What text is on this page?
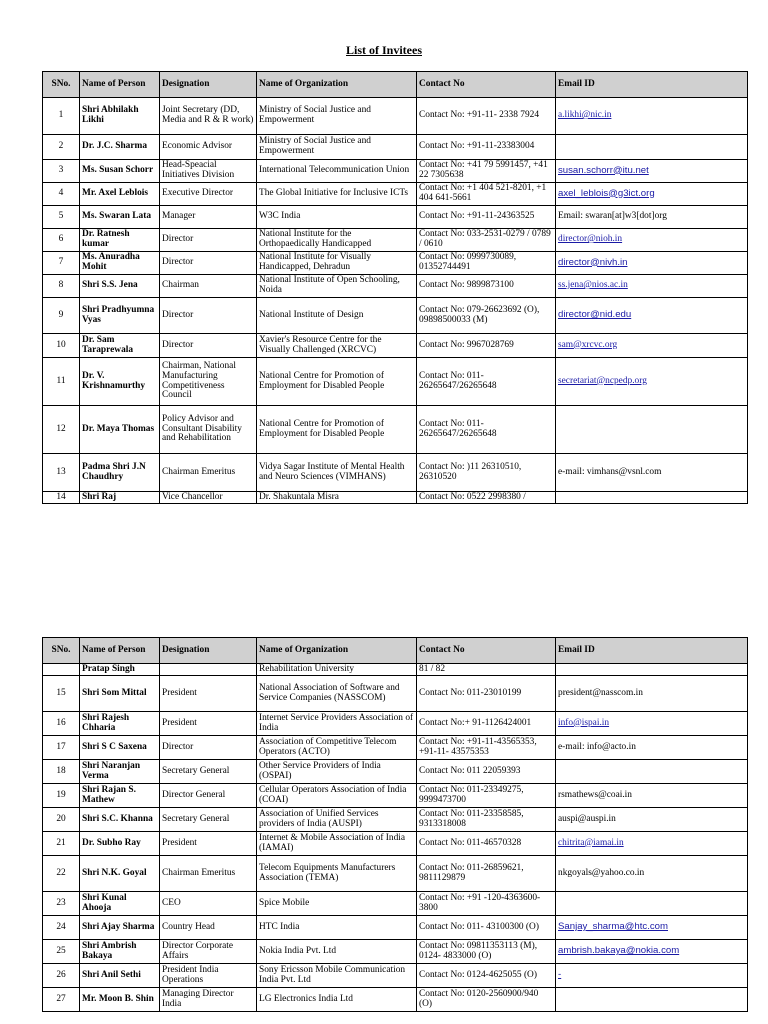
List of Invitees
SNo.	Name of Person	Designation	Name of Organization	Contact No	Email ID
1	Shri Abhilakh Likhi	Joint Secretary (DD, Media and R & R work)	Ministry of Social Justice and Empowerment	Contact No: +91-11- 2338 7924	a.likhi@nic.in
2	Dr. J.C. Sharma	Economic Advisor	Ministry of Social Justice and Empowerment	Contact No: +91-11-23383004	
3	Ms. Susan Schorr	Head-Speacial Initiatives Division	International Telecommunication Union	Contact No: +41 79 5991457, +41 22 7305638	susan.schorr@itu.net
4	Mr. Axel Leblois	Executive Director	The Global Initiative for Inclusive ICTs	Contact No: +1 404 521-8201, +1 404 641-5661	axel_leblois@g3ict.org
5	Ms. Swaran Lata	Manager	W3C India	Contact No: +91-11-24363525	Email: swaran[at]w3[dot]org
6	Dr. Ratnesh kumar	Director	National Institute for the Orthopaedically Handicapped	Contact No: 033-2531-0279 / 0789 / 0610	director@nioh.in
7	Ms. Anuradha Mohit	Director	National Institute for Visually Handicapped, Dehradun	Contact No: 0999730089, 01352744491	director@nivh.in
8	Shri S.S. Jena	Chairman	National Institute of Open Schooling, Noida	Contact No: 9899873100	ss.jena@nios.ac.in
9	Shri Pradhyumna Vyas	Director	National Institute of Design	Contact No: 079-26623692 (O), 09898500033 (M)	director@nid.edu
10	Dr. Sam Taraprewala	Director	Xavier's Resource Centre for the Visually Challenged (XRCVC)	Contact No: 9967028769	sam@xrcvc.org
11	Dr. V. Krishnamurthy	Chairman, National Manufacturing Competitiveness Council	National Centre for Promotion of Employment for Disabled People	Contact No: 011-26265647/26265648	secretariat@ncpedp.org
12	Dr. Maya Thomas	Policy Advisor and Consultant Disability and Rehabilitation	National Centre for Promotion of Employment for Disabled People	Contact No: 011-26265647/26265648	
13	Padma Shri J.N Chaudhry	Chairman Emeritus	Vidya Sagar Institute of Mental Health and Neuro Sciences (VIMHANS)	Contact No: )11 26310510, 26310520	e-mail: vimhans@vsnl.com
14	Shri Raj	Vice Chancellor	Dr. Shakuntala Misra	Contact No: 0522 2998380 /	
SNo.	Name of Person	Designation	Name of Organization	Contact No	Email ID
	Pratap Singh		Rehabilitation University	81 / 82	
15	Shri Som Mittal	President	National Association of Software and Service Companies (NASSCOM)	Contact No: 011-23010199	president@nasscom.in
16	Shri Rajesh Chharia	President	Internet Service Providers Association of India	Contact No:+ 91-1126424001	info@ispai.in
17	Shri S C Saxena	Director	Association of Competitive Telecom Operators (ACTO)	Contact No: +91-11-43565353, +91-11- 43575353	e-mail: info@acto.in
18	Shri Naranjan Verma	Secretary General	Other Service Providers of India (OSPAI)	Contact No: 011 22059393	
19	Shri Rajan S. Mathew	Director General	Cellular Operators Association of India (COAI)	Contact No: 011-23349275, 9999473700	rsmathews@coai.in
20	Shri S.C. Khanna	Secretary General	Association of Unified Services providers of India (AUSPI)	Contact No: 011-23358585, 9313318008	auspi@auspi.in
21	Dr. Subho Ray	President	Internet & Mobile Association of India (IAMAI)	Contact No: 011-46570328	chitrita@iamai.in
22	Shri N.K. Goyal	Chairman Emeritus	Telecom Equipments Manufacturers Association (TEMA)	Contact No: 011-26859621, 9811129879	nkgoyals@yahoo.co.in
23	Shri Kunal Ahooja	CEO	Spice Mobile	Contact No: +91 -120-4363600-3800	
24	Shri Ajay Sharma	Country Head	HTC India	Contact No: 011- 43100300 (O)	Sanjay_sharma@htc.com
25	Shri Ambrish Bakaya	Director Corporate Affairs	Nokia India Pvt. Ltd	Contact No: 09811353113 (M), 0124- 4833000 (O)	ambrish.bakaya@nokia.com
26	Shri Anil Sethi	President India Operations	Sony Ericsson Mobile Communication India Pvt. Ltd	Contact No: 0124-4625055 (O)	-
27	Mr. Moon B. Shin	Managing Director India	LG Electronics India Ltd	Contact No: 0120-2560900/940 (O)	
